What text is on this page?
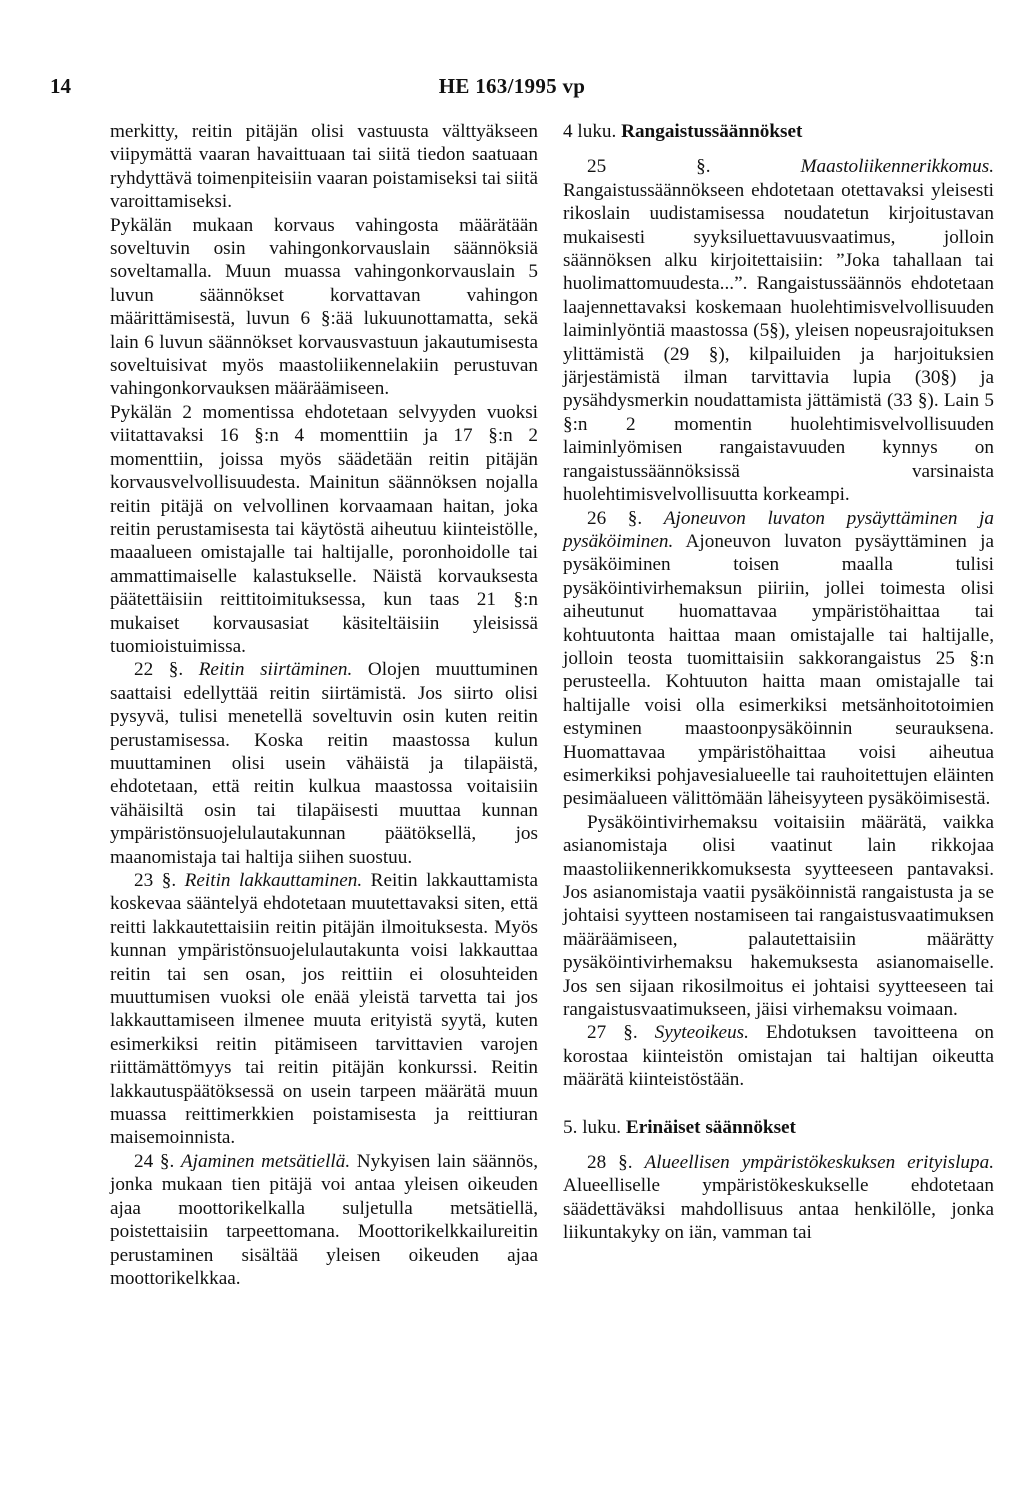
14	HE 163/1995 vp

merkitty, reitin pitäjän olisi vastuusta välttyäkseen viipymättä vaaran havaittuaan tai siitä tiedon saatuaan ryhdyttävä toimenpiteisiin vaaran poistamiseksi tai siitä varoittamiseksi.

Pykälän mukaan korvaus vahingosta määrätään soveltuvin osin vahingonkorvauslain säännöksiä soveltamalla. Muun muassa vahingonkorvauslain 5 luvun säännökset korvattavan vahingon määrittämisestä, luvun 6 §:ää lukuunottamatta, sekä lain 6 luvun säännökset korvausvastuun jakautumisesta soveltuisivat myös maastoliikennelakiin perustuvan vahingonkorvauksen määräämiseen.

Pykälän 2 momentissa ehdotetaan selvyyden vuoksi viitattavaksi 16 §:n 4 momenttiin ja 17 §:n 2 momenttiin, joissa myös säädetään reitin pitäjän korvausvelvollisuudesta. Mainitun säännöksen nojalla reitin pitäjä on velvollinen korvaamaan haitan, joka reitin perustamisesta tai käytöstä aiheutuu kiinteistölle, maaalueen omistajalle tai haltijalle, poronhoidolle tai ammattimaiselle kalastukselle. Näistä korvauksesta päätettäisiin reittitoimituksessa, kun taas 21 §:n mukaiset korvausasiat käsiteltäisiin yleisissä tuomioistuimissa.

22 §. Reitin siirtäminen. Olojen muuttuminen saattaisi edellyttää reitin siirtämistä. Jos siirto olisi pysyvä, tulisi menetellä soveltuvin osin kuten reitin perustamisessa. Koska reitin maastossa kulun muuttaminen olisi usein vähäistä ja tilapäistä, ehdotetaan, että reitin kulkua maastossa voitaisiin vähäisiltä osin tai tilapäisesti muuttaa kunnan ympäristönsuojelulautakunnan päätöksellä, jos maanomistaja tai haltija siihen suostuu.

23 §. Reitin lakkauttaminen. Reitin lakkauttamista koskevaa sääntelyä ehdotetaan muutettavaksi siten, että reitti lakkautettaisiin reitin pitäjän ilmoituksesta. Myös kunnan ympäristönsuojelulautakunta voisi lakkauttaa reitin tai sen osan, jos reittiin ei olosuhteiden muuttumisen vuoksi ole enää yleistä tarvetta tai jos lakkauttamiseen ilmenee muuta erityistä syytä, kuten esimerkiksi reitin pitämiseen tarvittavien varojen riittämättömyys tai reitin pitäjän konkurssi. Reitin lakkautuspäätöksessä on usein tarpeen määrätä muun muassa reittimerkkien poistamisesta ja reittiuran maisemoinnista.

24 §. Ajaminen metsätiellä. Nykyisen lain säännös, jonka mukaan tien pitäjä voi antaa yleisen oikeuden ajaa moottorikelkalla suljetulla metsätiellä, poistettaisiin tarpeettomana. Moottorikelkkailureitin perustaminen sisältää yleisen oikeuden ajaa moottorikelkkaa.

4 luku. Rangaistussäännökset

25 §.	Maastoliikennerikkomus. Rangaistussäännökseen ehdotetaan otettavaksi yleisesti rikoslain uudistamisessa noudatetun kirjoitustavan mukaisesti syyksiluettavuusvaatimus, jolloin säännöksen alku kirjoitettaisiin: ”Joka tahallaan tai huolimattomuudesta...”. Rangaistussäännös ehdotetaan laajennettavaksi koskemaan huolehtimisvelvollisuuden laiminlyöntiä maastossa (5§), yleisen nopeusrajoituksen ylittämistä (29 §), kilpailuiden ja harjoituksien järjestämistä ilman tarvittavia lupia (30§) ja pysähdysmerkin noudattamista jättämistä (33 §). Lain 5 §:n 2 momentin huolehtimisvelvollisuuden laiminlyömisen rangaistavuuden kynnys on rangaistussäännöksissä varsinaista huolehtimisvelvollisuutta korkeampi.

26 §. Ajoneuvon luvaton pysäyttäminen ja pysäköiminen. Ajoneuvon luvaton pysäyttäminen ja pysäköiminen toisen maalla tulisi pysäköintivirhemaksun piiriin, jollei toimesta olisi aiheutunut huomattavaa ympäristöhaittaa tai kohtuutonta haittaa maan omistajalle tai haltijalle, jolloin teosta tuomittaisiin sakkorangaistus 25 §:n perusteella. Kohtuuton haitta maan omistajalle tai haltijalle voisi olla esimerkiksi metsänhoitotoimien estyminen maastoonpysäköinnin seurauksena. Huomattavaa ympäristöhaittaa voisi aiheutua esimerkiksi pohjavesialueelle tai rauhoitettujen eläinten pesimäalueen välittömään läheisyyteen pysäköimisestä.

Pysäköintivirhemaksu voitaisiin määrätä, vaikka asianomistaja olisi vaatinut lain rikkojaa maastoliikennerikkomuksesta syytteeseen pantavaksi. Jos asianomistaja vaatii pysäköinnistä rangaistusta ja se johtaisi syytteen nostamiseen tai rangaistusvaatimuksen määräämiseen, palautettaisiin määrätty pysäköintivirhemaksu hakemuksesta asianomaiselle. Jos sen sijaan rikosilmoitus ei johtaisi syytteeseen tai rangaistusvaatimukseen, jäisi virhemaksu voimaan.

27 §. Syyteoikeus. Ehdotuksen tavoitteena on korostaa kiinteistön omistajan tai haltijan oikeutta määrätä kiinteistöstään.

5. luku. Erinäiset säännökset

28 §. Alueellisen ympäristökeskuksen erityislupa. Alueelliselle ympäristökeskukselle ehdotetaan säädettäväksi mahdollisuus antaa henkilölle, jonka liikuntakyky on iän, vamman tai
